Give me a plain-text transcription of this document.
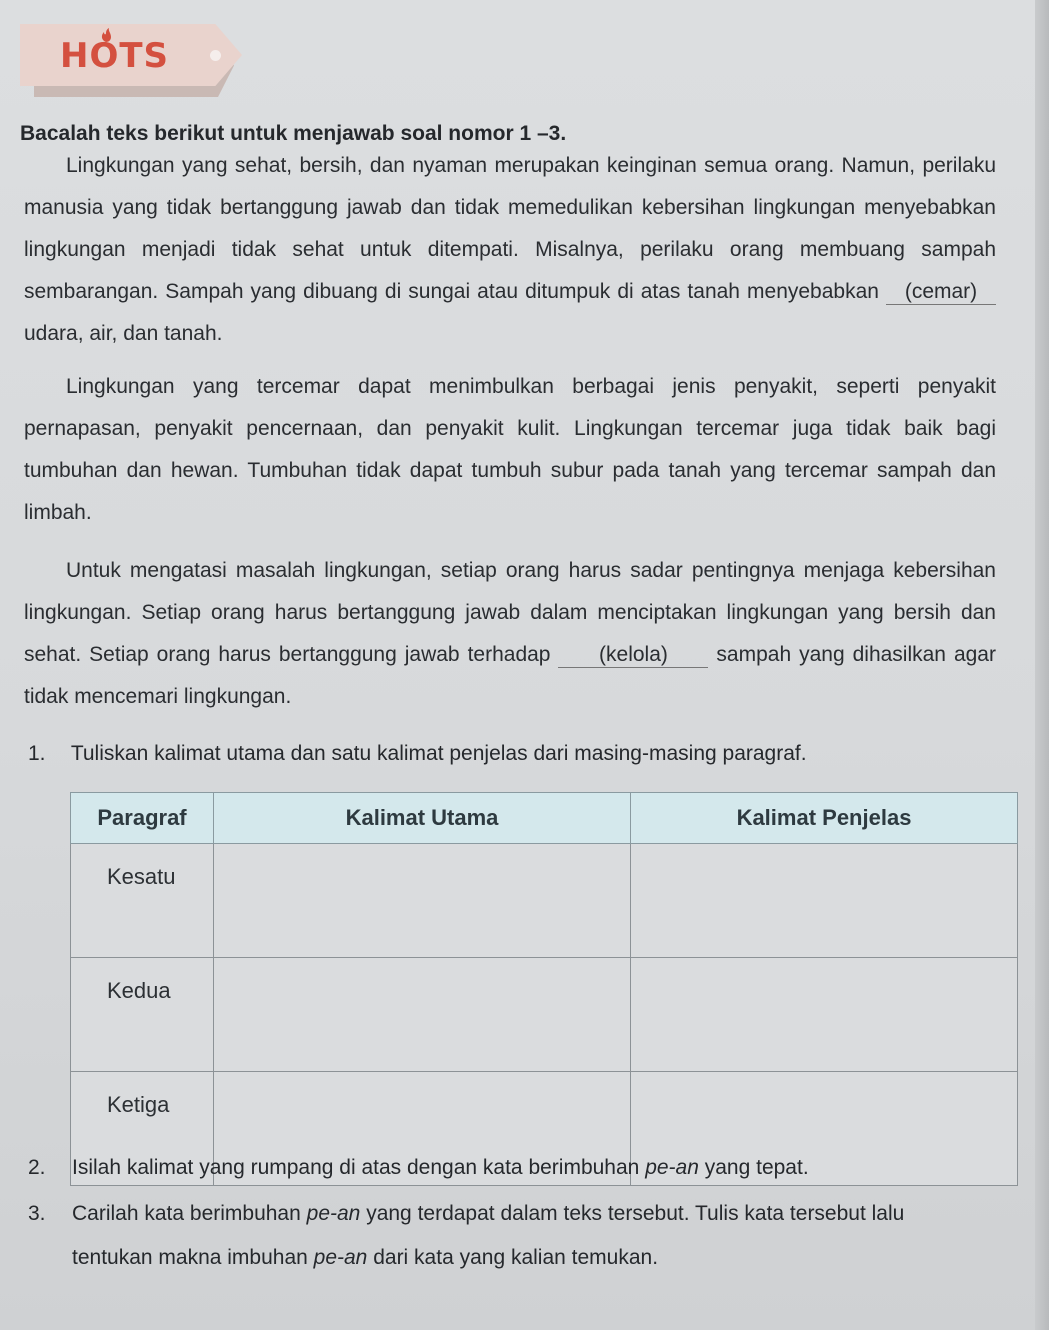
HOTS
Bacalah teks berikut untuk menjawab soal nomor 1 –3.
Lingkungan yang sehat, bersih, dan nyaman merupakan keinginan semua orang. Namun, perilaku manusia yang tidak bertanggung jawab dan tidak memedulikan kebersihan lingkungan menyebabkan lingkungan menjadi tidak sehat untuk ditempati. Misalnya, perilaku orang membuang sampah sembarangan. Sampah yang dibuang di sungai atau ditumpuk di atas tanah menyebabkan (cemar) udara, air, dan tanah.
Lingkungan yang tercemar dapat menimbulkan berbagai jenis penyakit, seperti penyakit pernapasan, penyakit pencernaan, dan penyakit kulit. Lingkungan tercemar juga tidak baik bagi tumbuhan dan hewan. Tumbuhan tidak dapat tumbuh subur pada tanah yang tercemar sampah dan limbah.
Untuk mengatasi masalah lingkungan, setiap orang harus sadar pentingnya menjaga kebersihan lingkungan. Setiap orang harus bertanggung jawab dalam menciptakan lingkungan yang bersih dan sehat. Setiap orang harus bertanggung jawab terhadap (kelola) sampah yang dihasilkan agar tidak mencemari lingkungan.
1. Tuliskan kalimat utama dan satu kalimat penjelas dari masing-masing paragraf.
Paragraf	Kalimat Utama	Kalimat Penjelas
Kesatu		
Kedua		
Ketiga		
2. Isilah kalimat yang rumpang di atas dengan kata berimbuhan pe-an yang tepat.
3. Carilah kata berimbuhan pe-an yang terdapat dalam teks tersebut. Tulis kata tersebut lalu
tentukan makna imbuhan pe-an dari kata yang kalian temukan.
